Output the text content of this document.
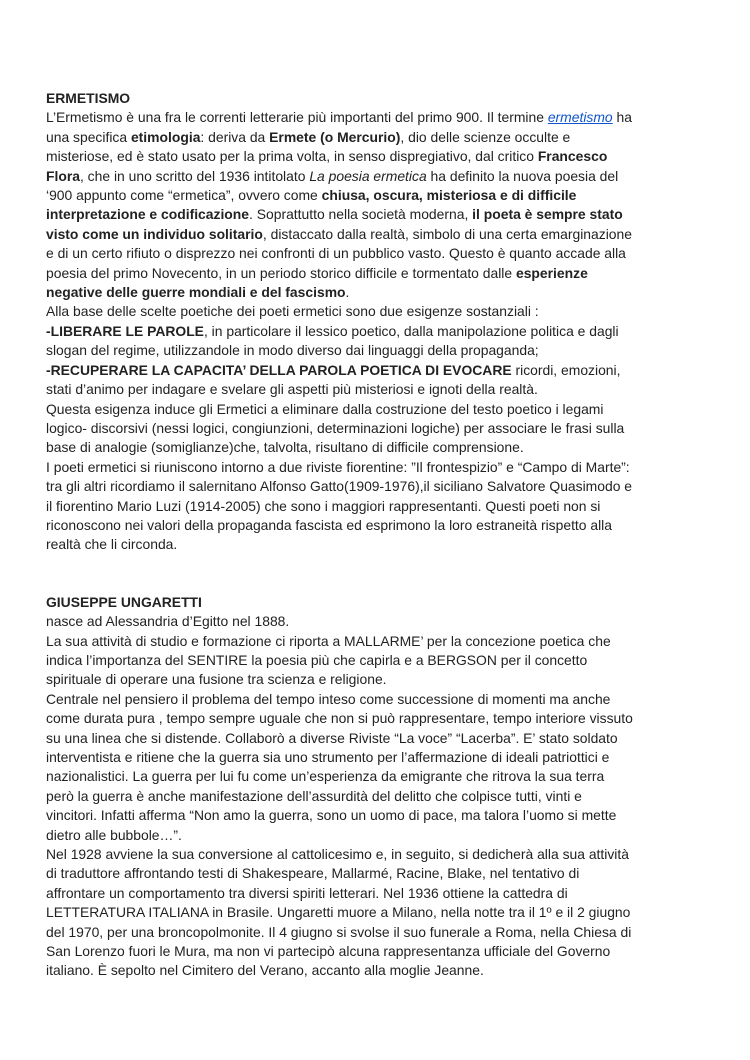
ERMETISMO
L’Ermetismo è una fra le correnti letterarie più importanti del primo 900. Il termine ermetismo ha
una specifica etimologia: deriva da Ermete (o Mercurio), dio delle scienze occulte e
misteriose, ed è stato usato per la prima volta, in senso dispregiativo, dal critico Francesco
Flora, che in uno scritto del 1936 intitolato La poesia ermetica ha definito la nuova poesia del
‘900 appunto come “ermetica”, ovvero come chiusa, oscura, misteriosa e di difficile
interpretazione e codificazione. Soprattutto nella società moderna, il poeta è sempre stato
visto come un individuo solitario, distaccato dalla realtà, simbolo di una certa emarginazione
e di un certo rifiuto o disprezzo nei confronti di un pubblico vasto. Questo è quanto accade alla
poesia del primo Novecento, in un periodo storico difficile e tormentato dalle esperienze
negative delle guerre mondiali e del fascismo.
Alla base delle scelte poetiche dei poeti ermetici sono due esigenze sostanziali :
-LIBERARE LE PAROLE, in particolare il lessico poetico, dalla manipolazione politica e dagli
slogan del regime, utilizzandole in modo diverso dai linguaggi della propaganda;
-RECUPERARE LA CAPACITA’ DELLA PAROLA POETICA DI EVOCARE ricordi, emozioni,
stati d’animo per indagare e svelare gli aspetti più misteriosi e ignoti della realtà.
Questa esigenza induce gli Ermetici a eliminare dalla costruzione del testo poetico i legami
logico- discorsivi (nessi logici, congiunzioni, determinazioni logiche) per associare le frasi sulla
base di analogie (somiglianze)che, talvolta, risultano di difficile comprensione.
I poeti ermetici si riuniscono intorno a due riviste fiorentine: ”Il frontespizio” e “Campo di Marte”:
tra gli altri ricordiamo il salernitano Alfonso Gatto(1909-1976),il siciliano Salvatore Quasimodo e
il fiorentino Mario Luzi (1914-2005) che sono i maggiori rappresentanti. Questi poeti non si
riconoscono nei valori della propaganda fascista ed esprimono la loro estraneità rispetto alla
realtà che li circonda.
GIUSEPPE UNGARETTI
nasce ad Alessandria d’Egitto nel 1888.
La sua attività di studio e formazione ci riporta a MALLARME’ per la concezione poetica che
indica l’importanza del SENTIRE la poesia più che capirla e a BERGSON per il concetto
spirituale di operare una fusione tra scienza e religione.
Centrale nel pensiero il problema del tempo inteso come successione di momenti ma anche
come durata pura , tempo sempre uguale che non si può rappresentare, tempo interiore vissuto
su una linea che si distende. Collaborò a diverse Riviste “La voce” “Lacerba”. E’ stato soldato
interventista e ritiene che la guerra sia uno strumento per l’affermazione di ideali patriottici e
nazionalistici. La guerra per lui fu come un’esperienza da emigrante che ritrova la sua terra
però la guerra è anche manifestazione dell’assurdità del delitto che colpisce tutti, vinti e
vincitori. Infatti afferma “Non amo la guerra, sono un uomo di pace, ma talora l’uomo si mette
dietro alle bubbole…”.
Nel 1928 avviene la sua conversione al cattolicesimo e, in seguito, si dedicherà alla sua attività
di traduttore affrontando testi di Shakespeare, Mallarmé, Racine, Blake, nel tentativo di
affrontare un comportamento tra diversi spiriti letterari. Nel 1936 ottiene la cattedra di
LETTERATURA ITALIANA in Brasile. Ungaretti muore a Milano, nella notte tra il 1º e il 2 giugno
del 1970, per una broncopolmonite. Il 4 giugno si svolse il suo funerale a Roma, nella Chiesa di
San Lorenzo fuori le Mura, ma non vi partecipò alcuna rappresentanza ufficiale del Governo
italiano. È sepolto nel Cimitero del Verano, accanto alla moglie Jeanne.
